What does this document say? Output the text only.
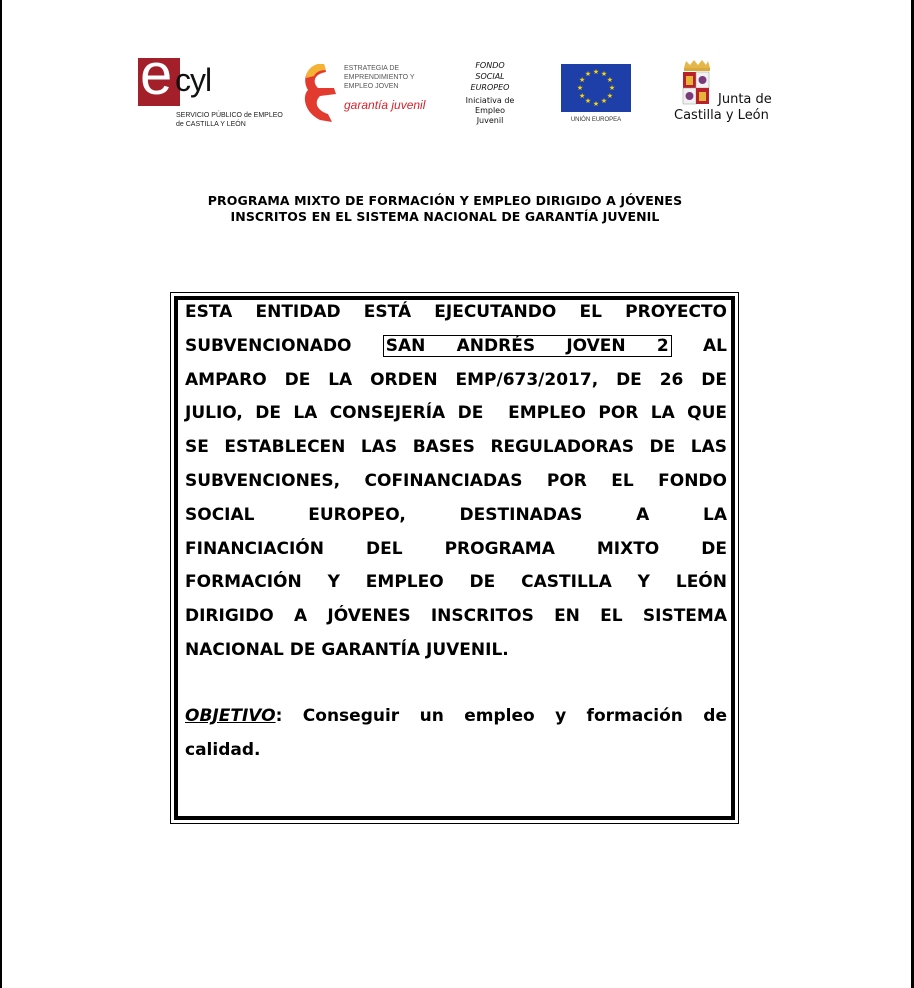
e cyl
SERVICIO PÚBLICO de EMPLEO
de CASTILLA Y LEÓN
ESTRATEGIA DE
EMPRENDIMIENTO Y
EMPLEO JOVEN
garantía juvenil
FONDO
SOCIAL
EUROPEO
Iniciativa de
Empleo
Juvenil
★ ★
★
★
★
★
★
★
★
★
★
★
UNIÓN EUROPEA
Junta de
Castilla y León
PROGRAMA MIXTO DE FORMACIÓN Y EMPLEO DIRIGIDO A JÓVENES
INSCRITOS EN EL SISTEMA NACIONAL DE GARANTÍA JUVENIL
ESTA ENTIDAD ESTÁ EJECUTANDO EL PROYECTO
SUBVENCIONADO SAN ANDRÉS JOVEN 2 AL
AMPARO DE LA ORDEN EMP/673/2017, DE 26 DE
JULIO, DE LA CONSEJERÍA DE  EMPLEO POR LA QUE
SE ESTABLECEN LAS BASES REGULADORAS DE LAS
SUBVENCIONES, COFINANCIADAS POR EL FONDO
SOCIAL EUROPEO, DESTINADAS A LA
FINANCIACIÓN DEL PROGRAMA MIXTO DE
FORMACIÓN Y EMPLEO DE CASTILLA Y LEÓN
DIRIGIDO A JÓVENES INSCRITOS EN EL SISTEMA
NACIONAL DE GARANTÍA JUVENIL.
OBJETIVO: Conseguir un empleo y formación de
calidad.
